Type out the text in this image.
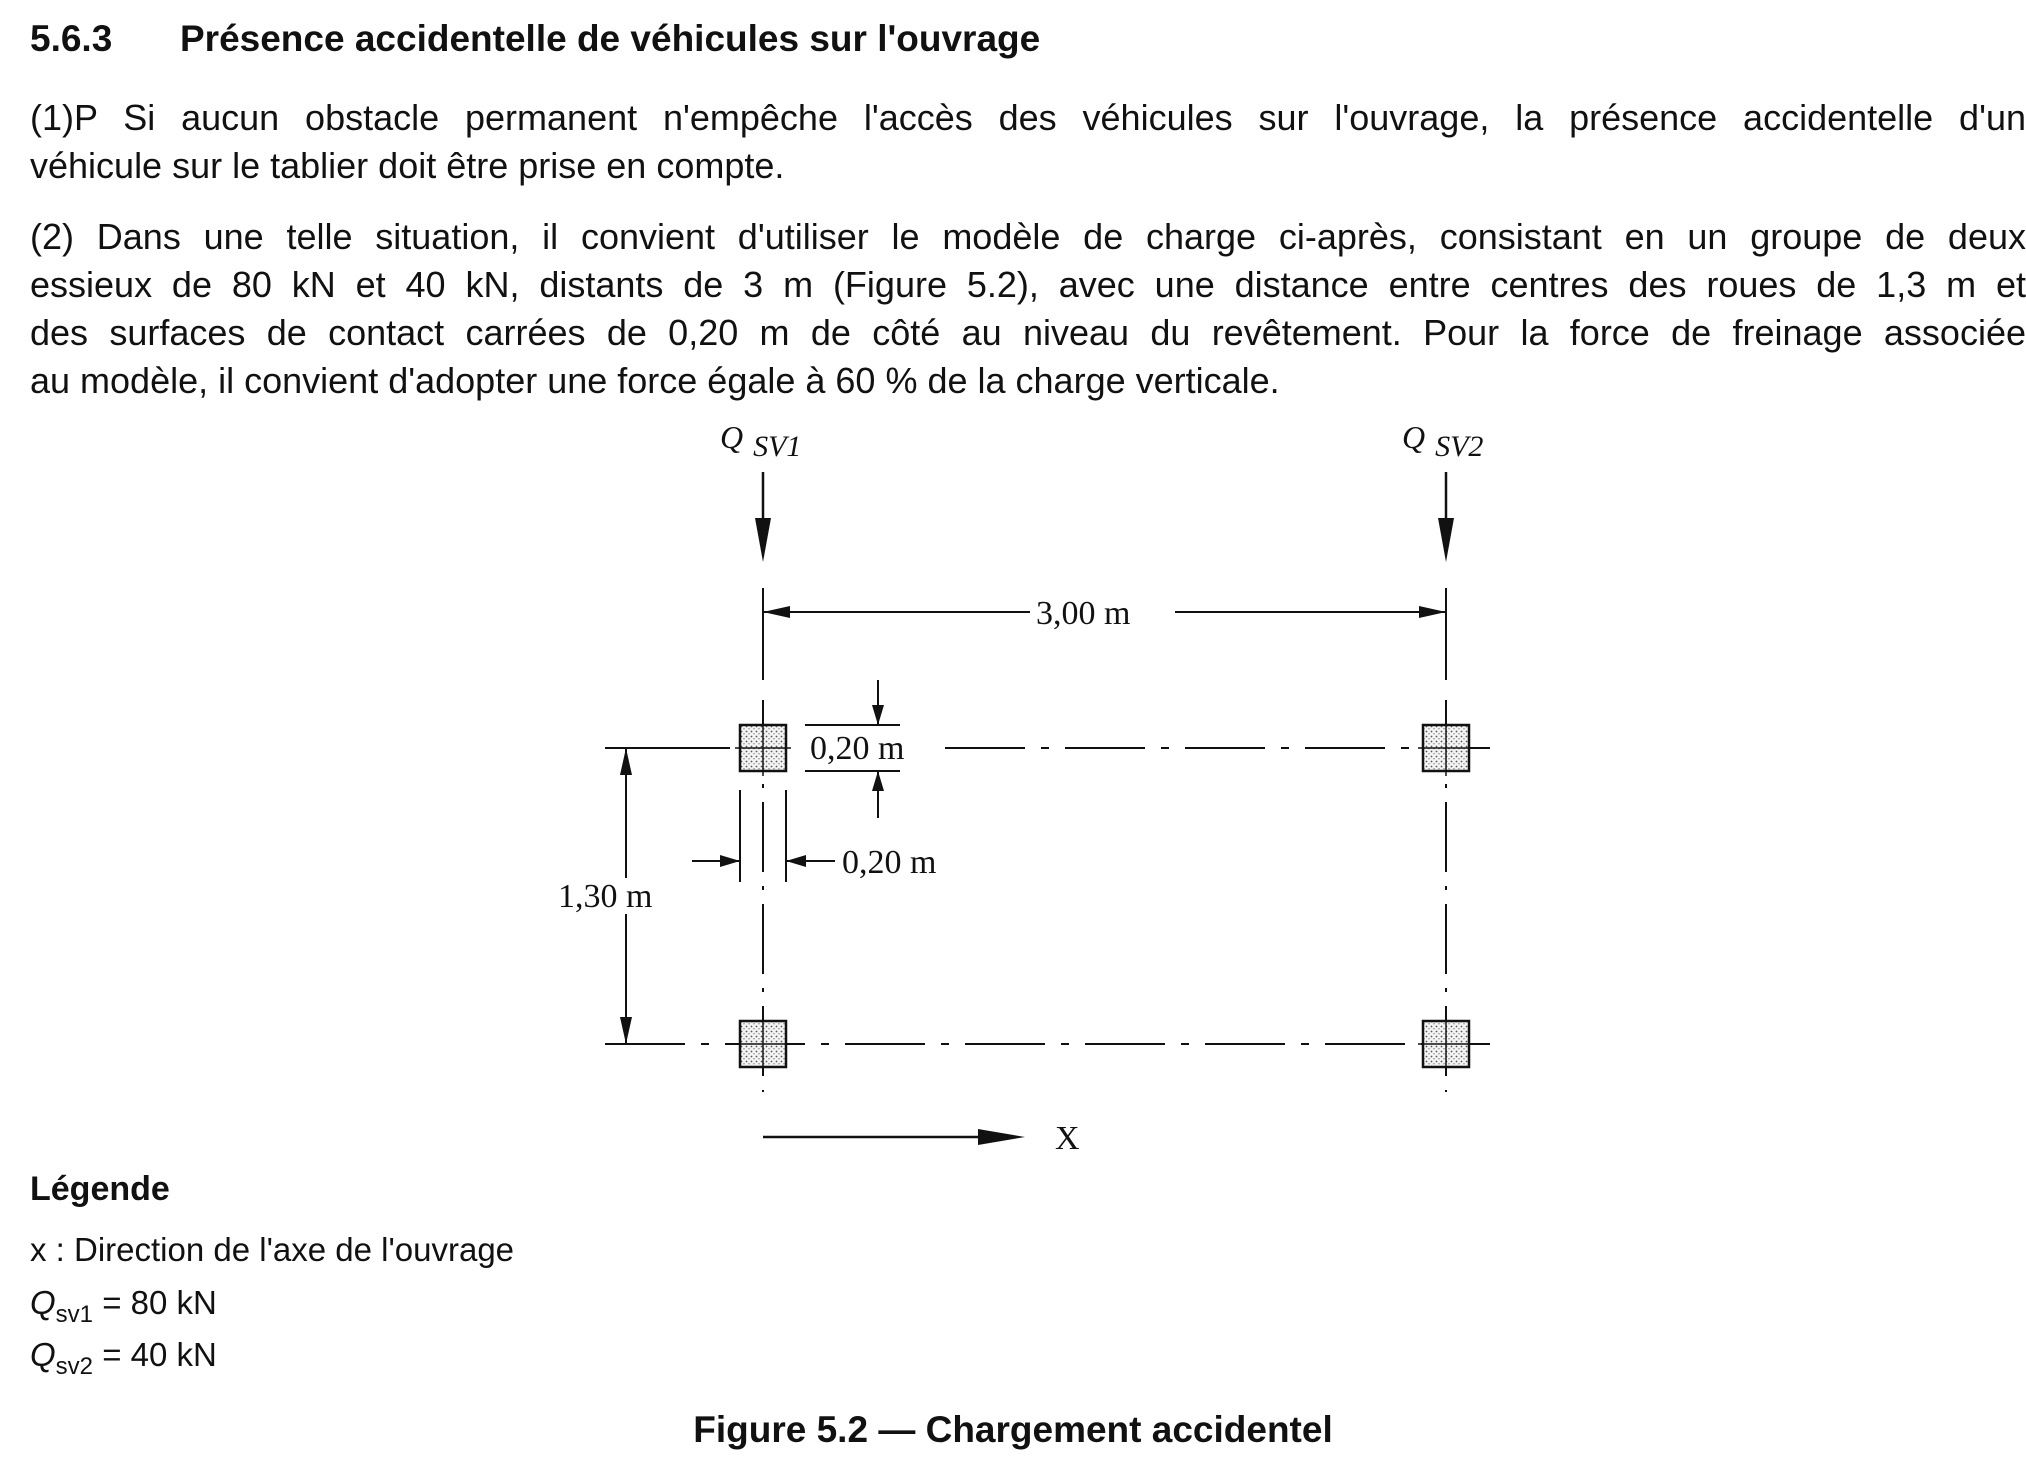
5.6.3 Présence accidentelle de véhicules sur l'ouvrage
(1)P Si aucun obstacle permanent n'empêche l'accès des véhicules sur l'ouvrage, la présence accidentelle d'un
véhicule sur le tablier doit être prise en compte.
(2) Dans une telle situation, il convient d'utiliser le modèle de charge ci-après, consistant en un groupe de deux
essieux de 80 kN et 40 kN, distants de 3 m (Figure 5.2), avec une distance entre centres des roues de 1,3 m et
des surfaces de contact carrées de 0,20 m de côté au niveau du revêtement. Pour la force de freinage associée
au modèle, il convient d'adopter une force égale à 60 % de la charge verticale.
Q SV1	Q SV2
3,00 m
0,20 m
0,20 m
1,30 m
X
Légende
x : Direction de l'axe de l'ouvrage
$Q_{sv1} = 80$ kN
$Q_{sv2} = 40$ kN
Figure 5.2 — Chargement accidentel
